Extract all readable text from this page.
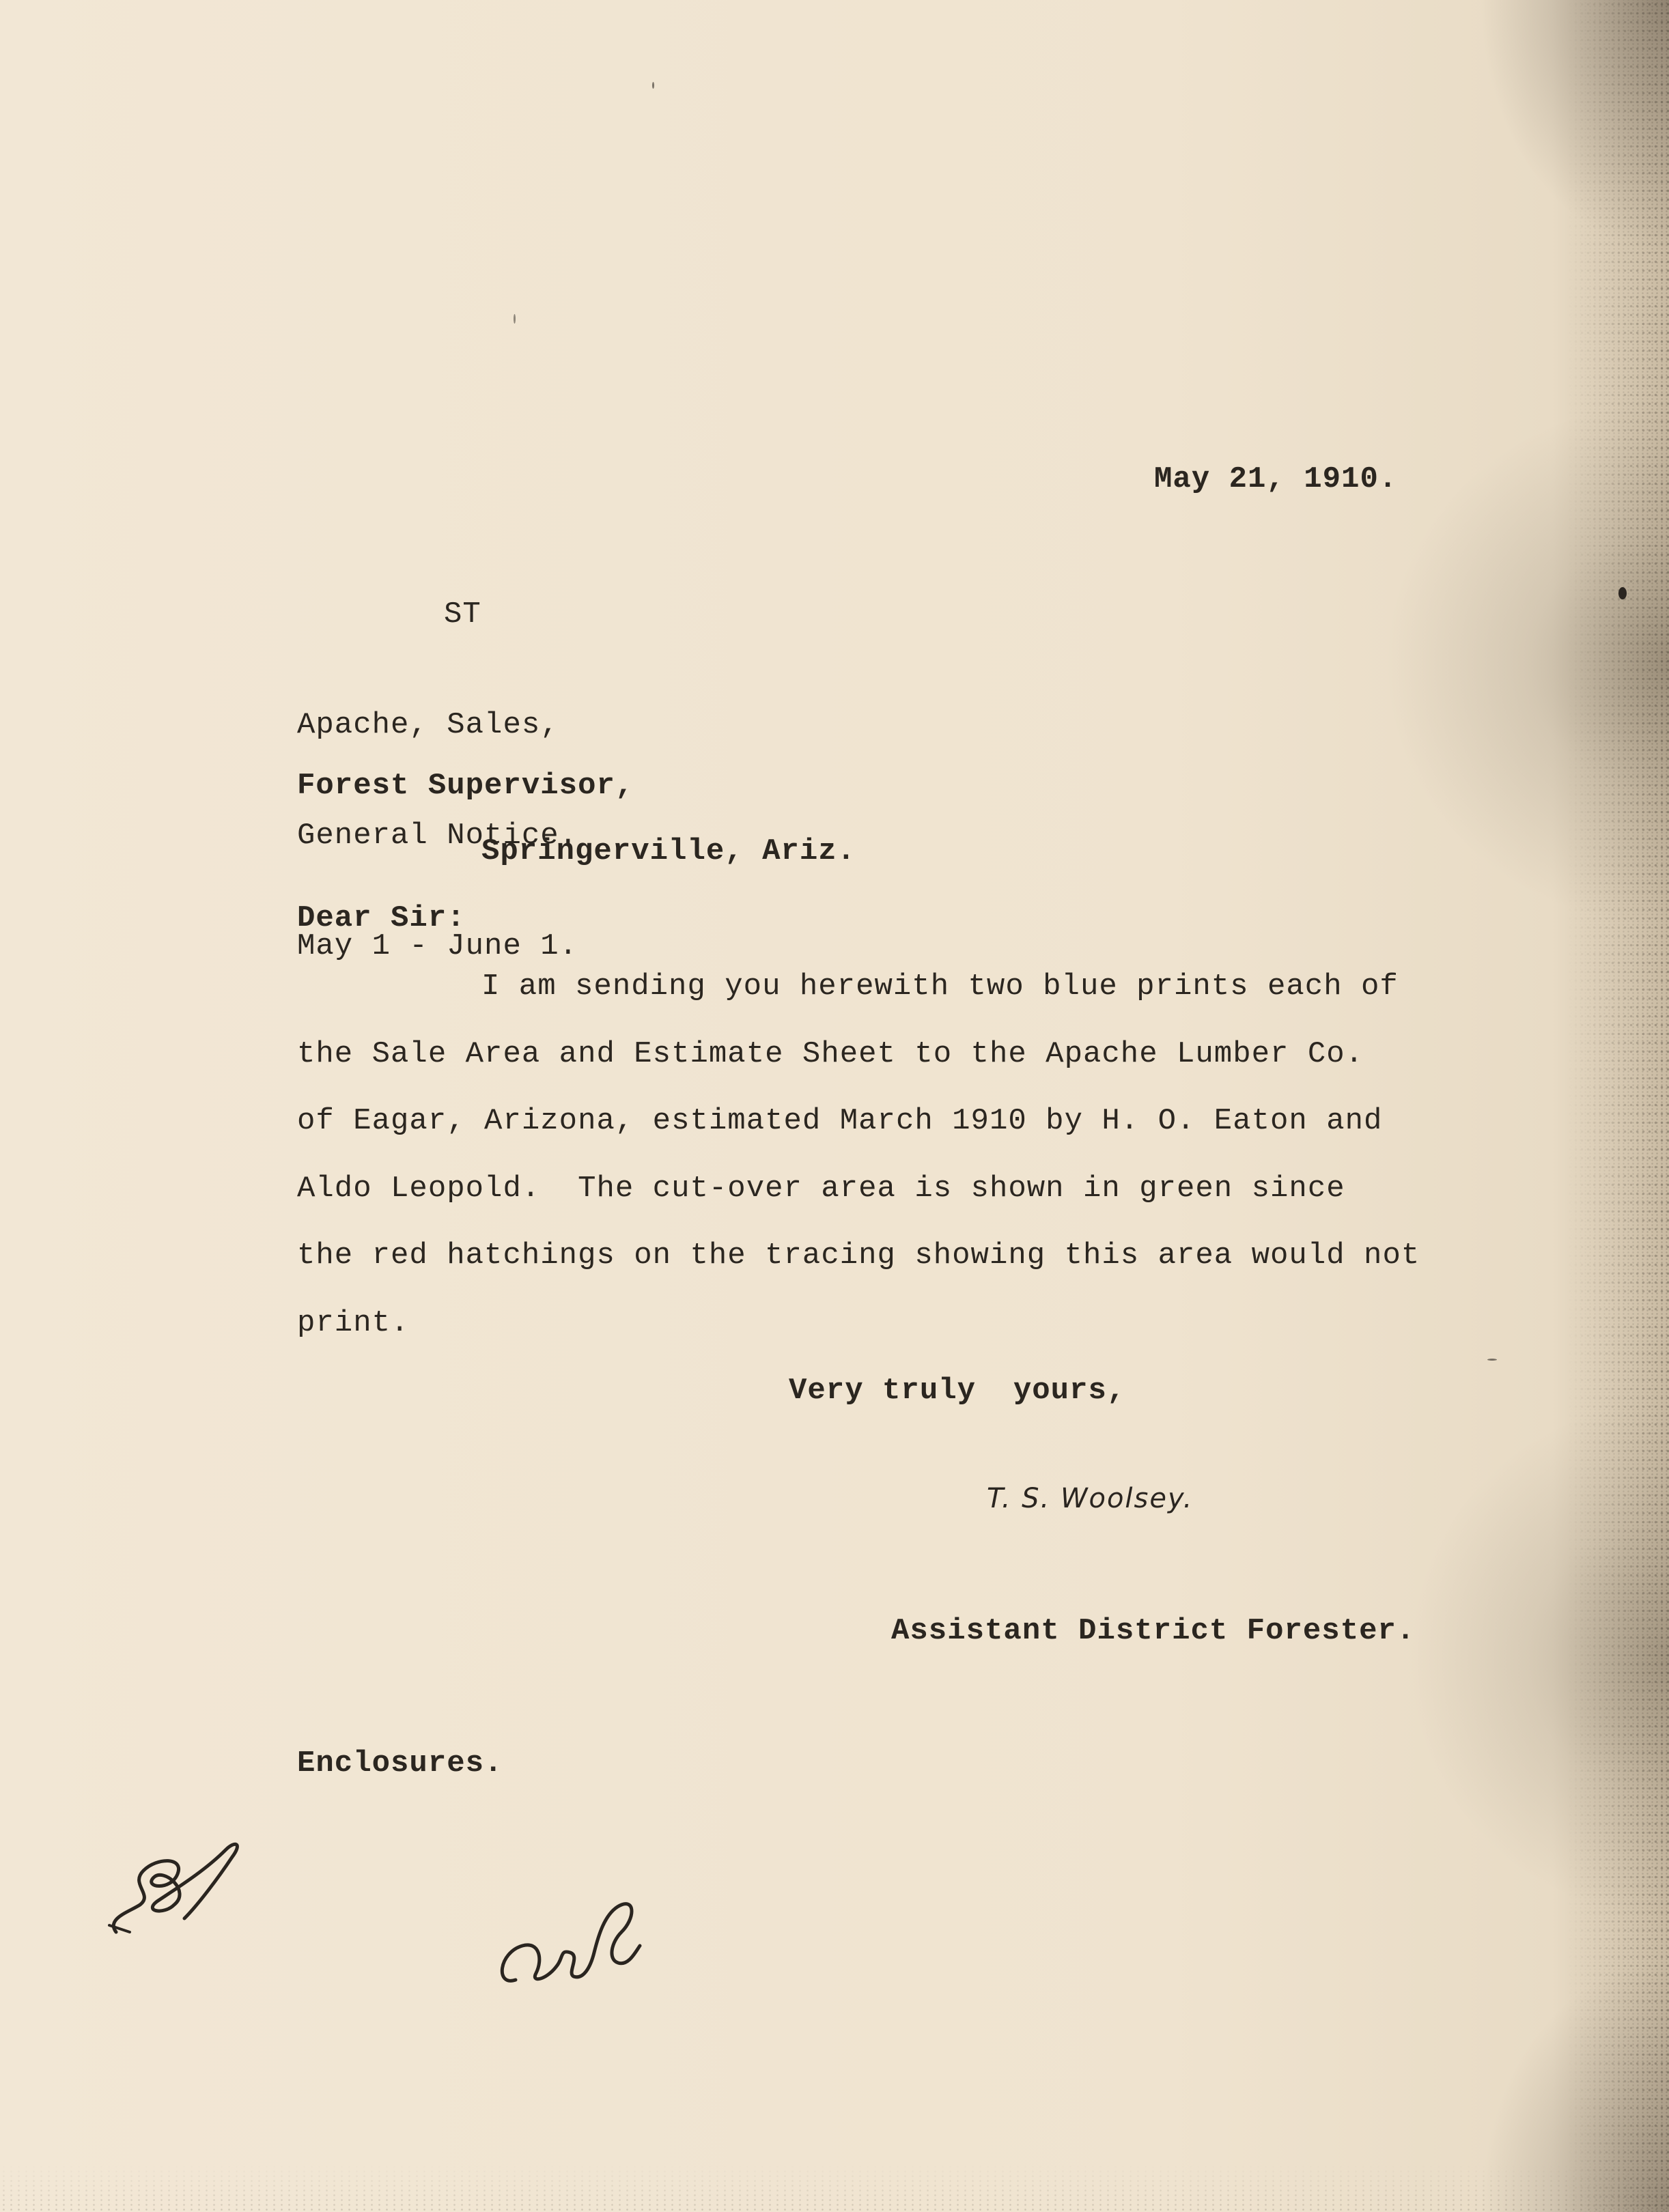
May 21, 1910.

ST

Apache, Sales,

General Notice.

May 1 - June 1.

Forest Supervisor,
Springerville, Ariz.
Dear Sir:
I am sending you herewith two blue prints each of
the Sale Area and Estimate Sheet to the Apache Lumber Co.
of Eagar, Arizona, estimated March 1910 by H. O. Eaton and
Aldo Leopold.  The cut-over area is shown in green since
the red hatchings on the tracing showing this area would not
print.
Very truly  yours,
T. S. Woolsey.
Assistant District Forester.
Enclosures.
